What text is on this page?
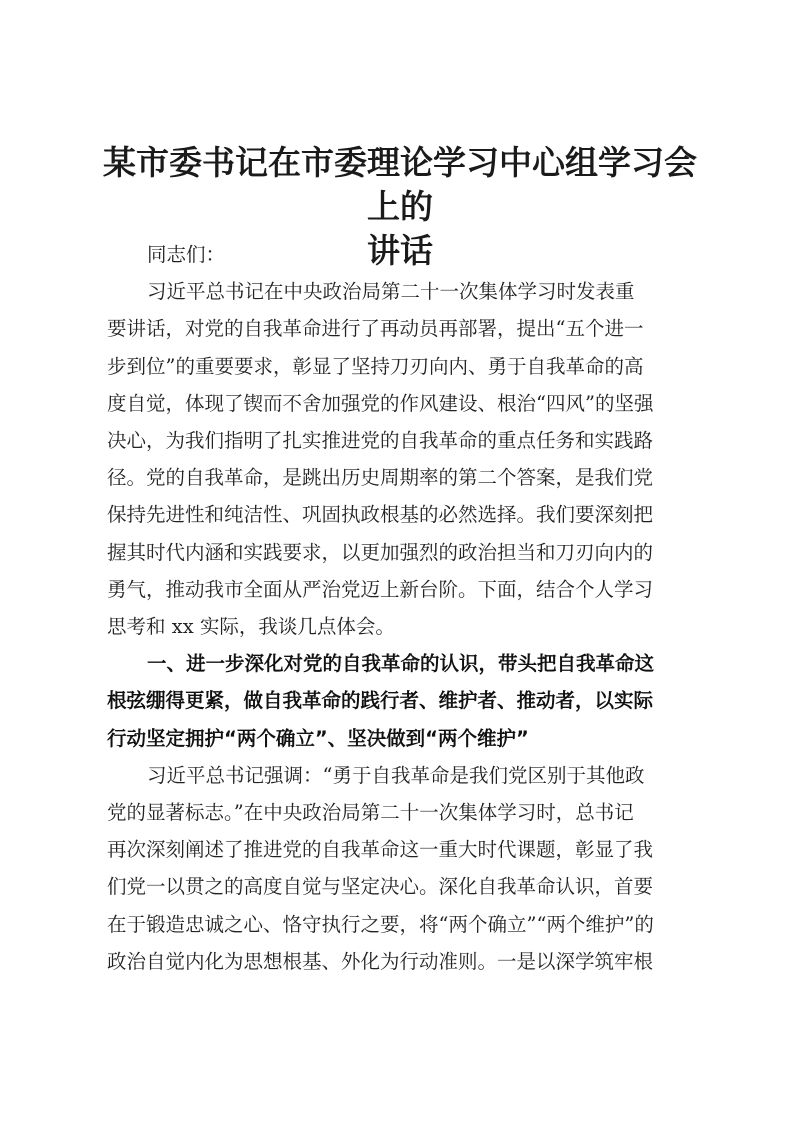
某市委书记在市委理论学习中心组学习会上的
讲话
同志们：
习近平总书记在中央政治局第二十一次集体学习时发表重
要讲话，对党的自我革命进行了再动员再部署，提出“五个进一
步到位”的重要要求，彰显了坚持刀刃向内、勇于自我革命的高
度自觉，体现了锲而不舍加强党的作风建设、根治“四风”的坚强
决心，为我们指明了扎实推进党的自我革命的重点任务和实践路
径。党的自我革命，是跳出历史周期率的第二个答案，是我们党
保持先进性和纯洁性、巩固执政根基的必然选择。我们要深刻把
握其时代内涵和实践要求，以更加强烈的政治担当和刀刃向内的
勇气，推动我市全面从严治党迈上新台阶。下面，结合个人学习
思考和 xx 实际，我谈几点体会。
一、进一步深化对党的自我革命的认识，带头把自我革命这
根弦绷得更紧，做自我革命的践行者、维护者、推动者，以实际
行动坚定拥护“两个确立”、坚决做到“两个维护”
习近平总书记强调：“勇于自我革命是我们党区别于其他政
党的显著标志。”在中央政治局第二十一次集体学习时，总书记
再次深刻阐述了推进党的自我革命这一重大时代课题，彰显了我
们党一以贯之的高度自觉与坚定决心。深化自我革命认识，首要
在于锻造忠诚之心、恪守执行之要，将“两个确立”“两个维护”的
政治自觉内化为思想根基、外化为行动准则。一是以深学筑牢根
